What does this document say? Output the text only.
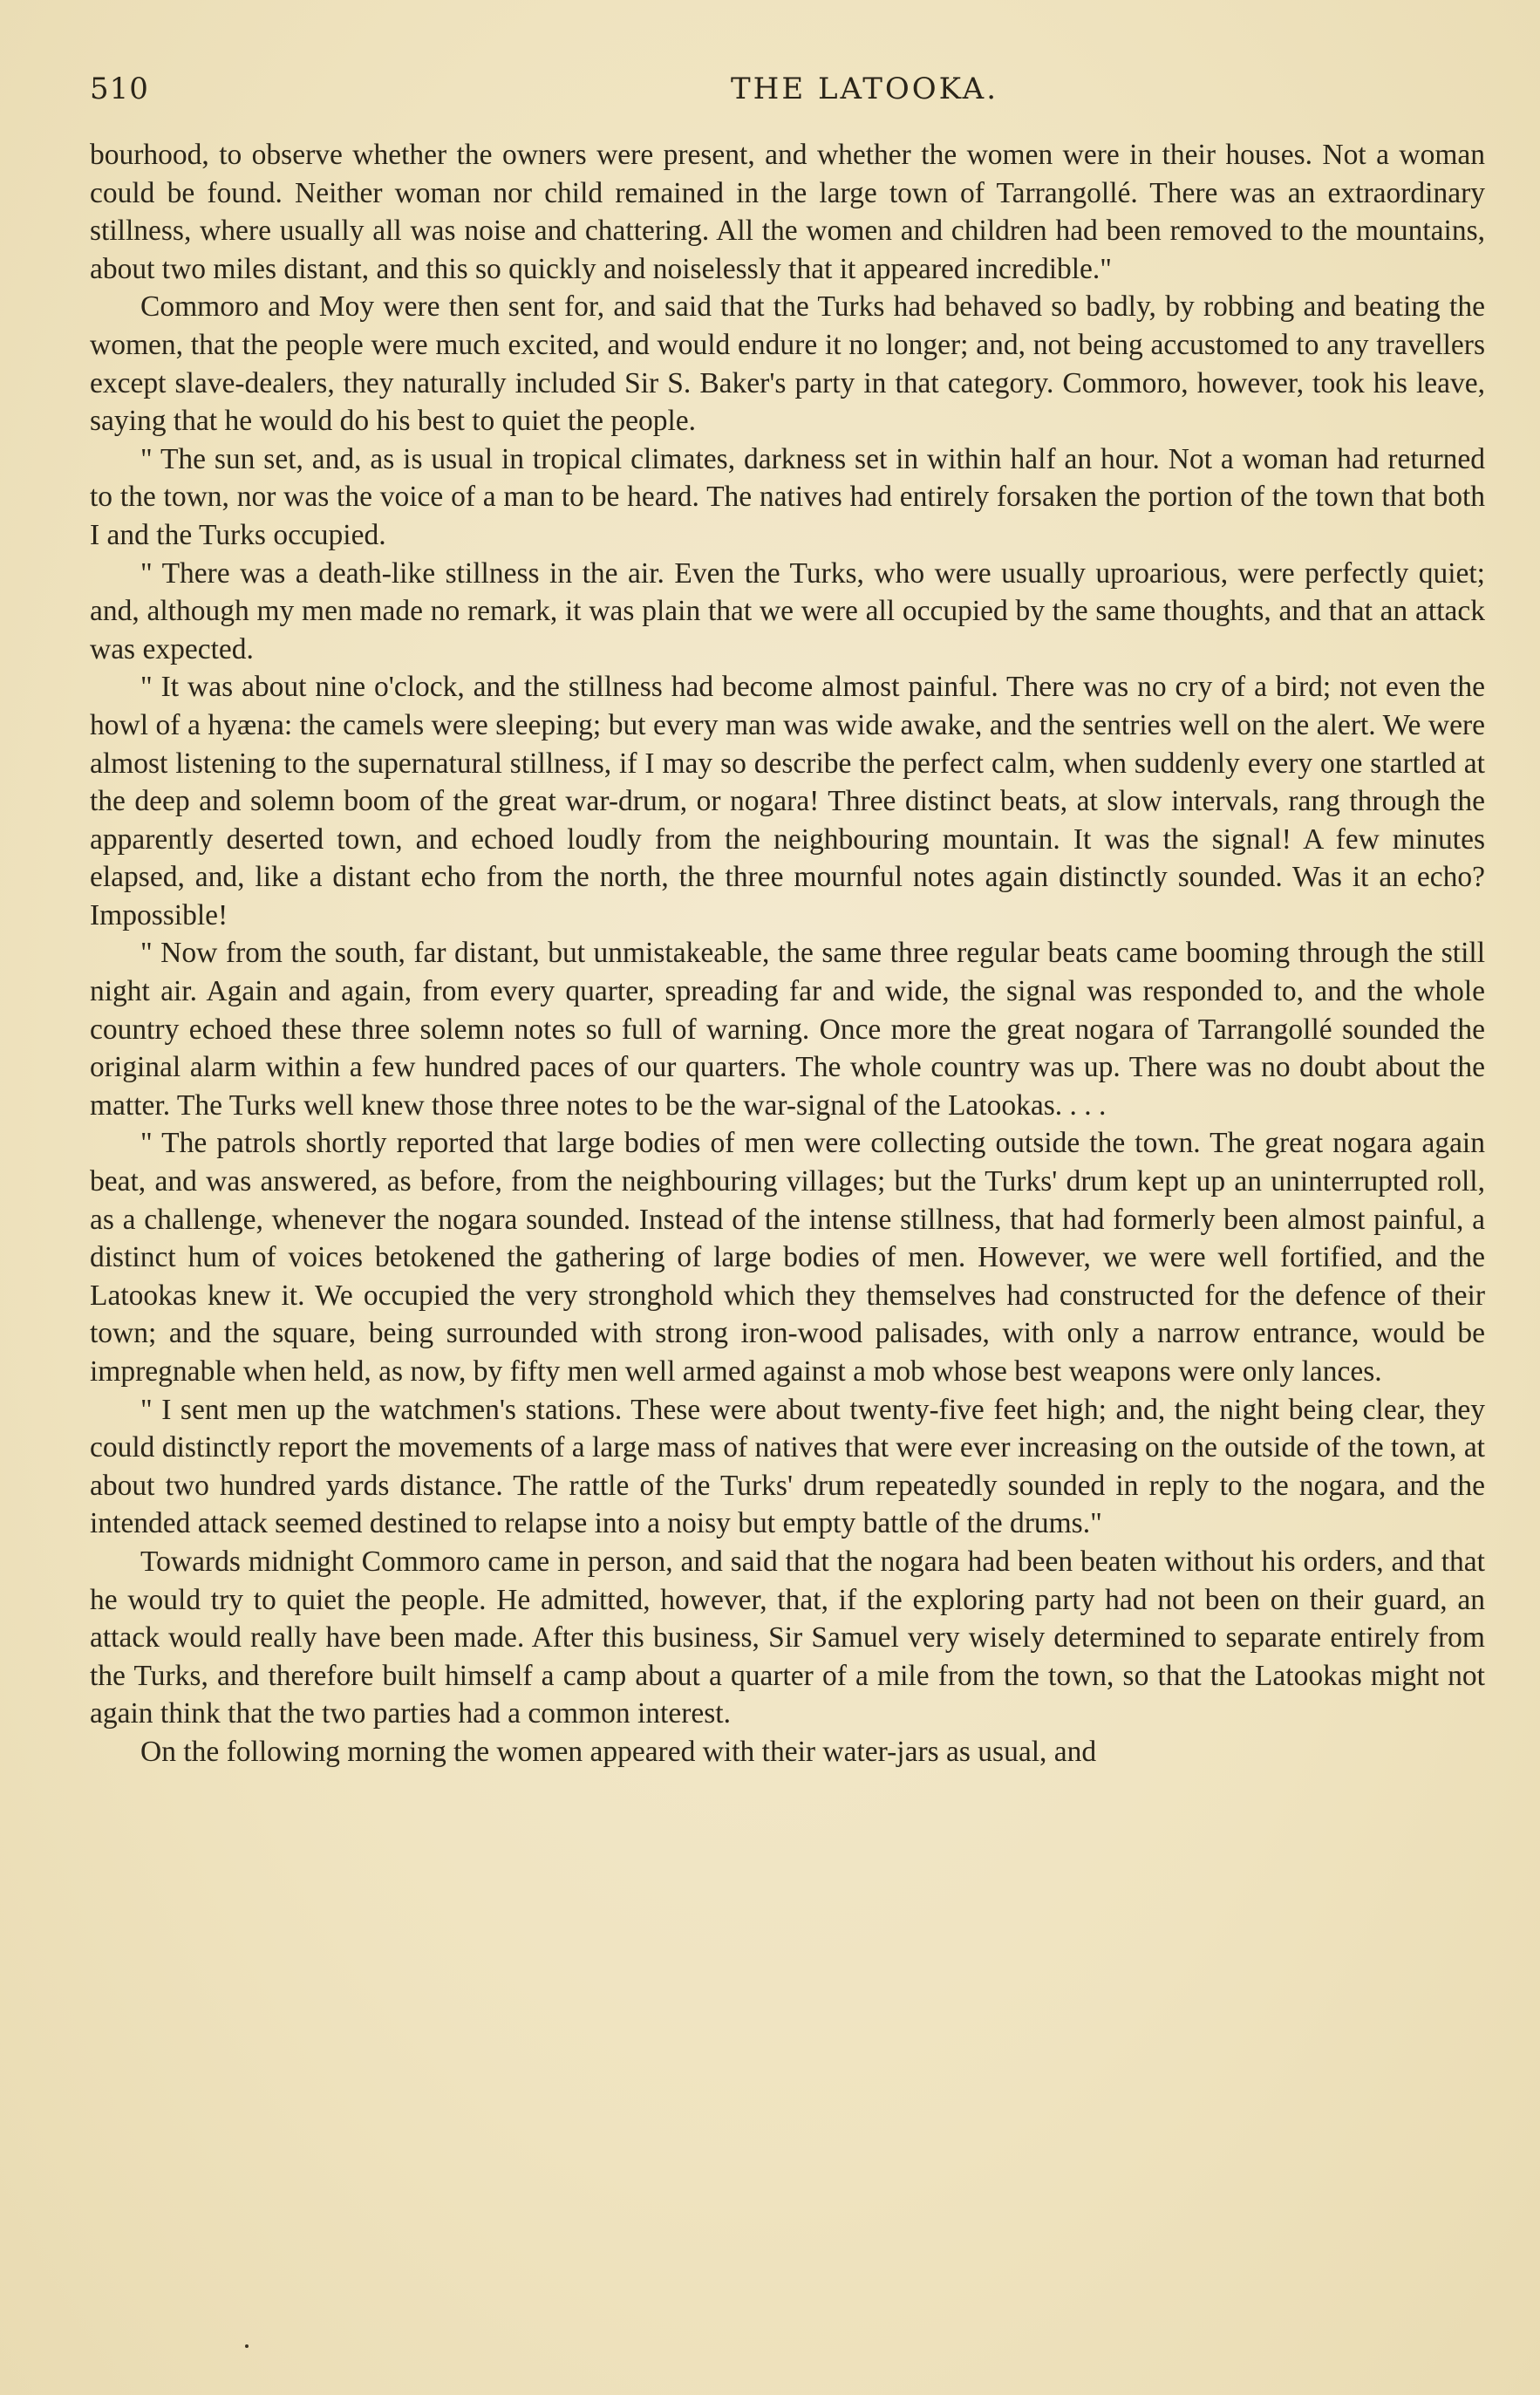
510	THE LATOOKA.

bourhood, to observe whether the owners were present, and whether the women were in their houses. Not a woman could be found. Neither woman nor child remained in the large town of Tarrangollé. There was an extraordinary stillness, where usually all was noise and chattering. All the women and children had been removed to the mountains, about two miles distant, and this so quickly and noiselessly that it appeared incredible."

Commoro and Moy were then sent for, and said that the Turks had behaved so badly, by robbing and beating the women, that the people were much excited, and would endure it no longer; and, not being accustomed to any travellers except slave-dealers, they naturally included Sir S. Baker's party in that category. Commoro, however, took his leave, saying that he would do his best to quiet the people.

" The sun set, and, as is usual in tropical climates, darkness set in within half an hour. Not a woman had returned to the town, nor was the voice of a man to be heard. The natives had entirely forsaken the portion of the town that both I and the Turks occupied.

" There was a death-like stillness in the air. Even the Turks, who were usually uproarious, were perfectly quiet; and, although my men made no remark, it was plain that we were all occupied by the same thoughts, and that an attack was expected.

" It was about nine o'clock, and the stillness had become almost painful. There was no cry of a bird; not even the howl of a hyæna: the camels were sleeping; but every man was wide awake, and the sentries well on the alert. We were almost listening to the supernatural stillness, if I may so describe the perfect calm, when suddenly every one startled at the deep and solemn boom of the great war-drum, or nogara! Three distinct beats, at slow intervals, rang through the apparently deserted town, and echoed loudly from the neighbouring mountain. It was the signal! A few minutes elapsed, and, like a distant echo from the north, the three mournful notes again distinctly sounded. Was it an echo? Impossible!

" Now from the south, far distant, but unmistakeable, the same three regular beats came booming through the still night air. Again and again, from every quarter, spreading far and wide, the signal was responded to, and the whole country echoed these three solemn notes so full of warning. Once more the great nogara of Tarrangollé sounded the original alarm within a few hundred paces of our quarters. The whole country was up. There was no doubt about the matter. The Turks well knew those three notes to be the war-signal of the Latookas. . . .

" The patrols shortly reported that large bodies of men were collecting outside the town. The great nogara again beat, and was answered, as before, from the neighbouring villages; but the Turks' drum kept up an uninterrupted roll, as a challenge, whenever the nogara sounded. Instead of the intense stillness, that had formerly been almost painful, a distinct hum of voices betokened the gathering of large bodies of men. However, we were well fortified, and the Latookas knew it. We occupied the very stronghold which they themselves had constructed for the defence of their town; and the square, being surrounded with strong iron-wood palisades, with only a narrow entrance, would be impregnable when held, as now, by fifty men well armed against a mob whose best weapons were only lances.

" I sent men up the watchmen's stations. These were about twenty-five feet high; and, the night being clear, they could distinctly report the movements of a large mass of natives that were ever increasing on the outside of the town, at about two hundred yards distance. The rattle of the Turks' drum repeatedly sounded in reply to the nogara, and the intended attack seemed destined to relapse into a noisy but empty battle of the drums."

Towards midnight Commoro came in person, and said that the nogara had been beaten without his orders, and that he would try to quiet the people. He admitted, however, that, if the exploring party had not been on their guard, an attack would really have been made. After this business, Sir Samuel very wisely determined to separate entirely from the Turks, and therefore built himself a camp about a quarter of a mile from the town, so that the Latookas might not again think that the two parties had a common interest.

On the following morning the women appeared with their water-jars as usual, and
